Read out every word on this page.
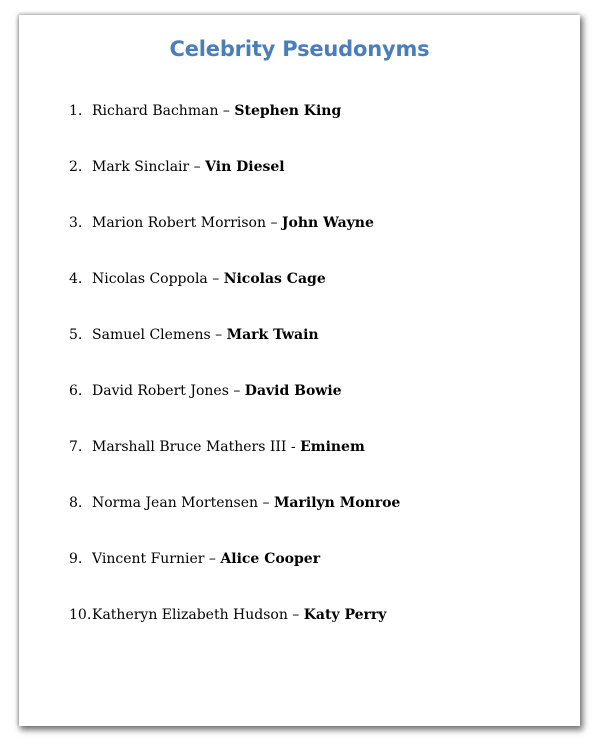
Celebrity Pseudonyms
1. Richard Bachman – Stephen King
2. Mark Sinclair – Vin Diesel
3. Marion Robert Morrison – John Wayne
4. Nicolas Coppola – Nicolas Cage
5. Samuel Clemens – Mark Twain
6. David Robert Jones – David Bowie
7. Marshall Bruce Mathers III - Eminem
8. Norma Jean Mortensen – Marilyn Monroe
9. Vincent Furnier – Alice Cooper
10.Katheryn Elizabeth Hudson – Katy Perry
